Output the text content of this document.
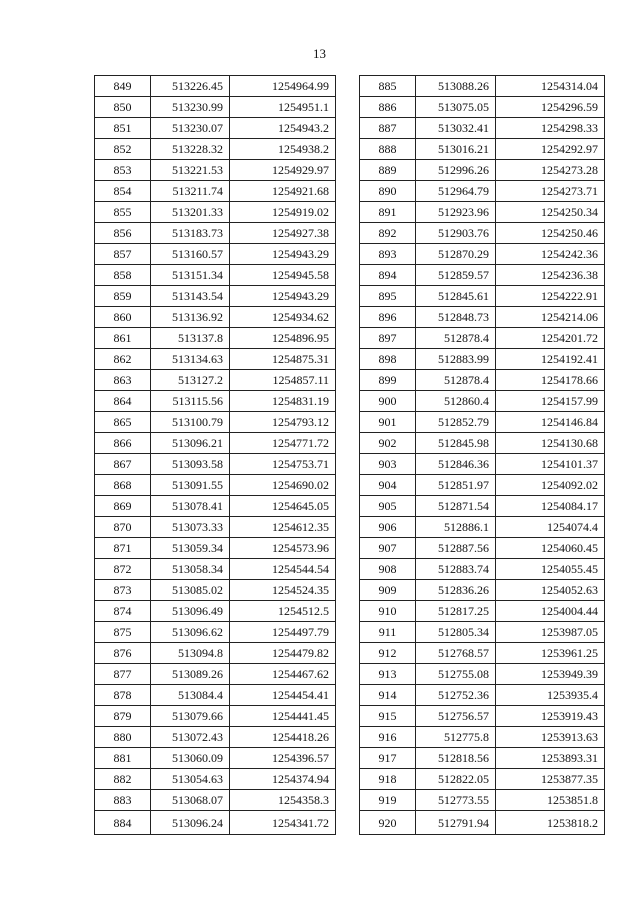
13
849	513226.45	1254964.99
850	513230.99	1254951.1
851	513230.07	1254943.2
852	513228.32	1254938.2
853	513221.53	1254929.97
854	513211.74	1254921.68
855	513201.33	1254919.02
856	513183.73	1254927.38
857	513160.57	1254943.29
858	513151.34	1254945.58
859	513143.54	1254943.29
860	513136.92	1254934.62
861	513137.8	1254896.95
862	513134.63	1254875.31
863	513127.2	1254857.11
864	513115.56	1254831.19
865	513100.79	1254793.12
866	513096.21	1254771.72
867	513093.58	1254753.71
868	513091.55	1254690.02
869	513078.41	1254645.05
870	513073.33	1254612.35
871	513059.34	1254573.96
872	513058.34	1254544.54
873	513085.02	1254524.35
874	513096.49	1254512.5
875	513096.62	1254497.79
876	513094.8	1254479.82
877	513089.26	1254467.62
878	513084.4	1254454.41
879	513079.66	1254441.45
880	513072.43	1254418.26
881	513060.09	1254396.57
882	513054.63	1254374.94
883	513068.07	1254358.3
884	513096.24	1254341.72
885	513088.26	1254314.04
886	513075.05	1254296.59
887	513032.41	1254298.33
888	513016.21	1254292.97
889	512996.26	1254273.28
890	512964.79	1254273.71
891	512923.96	1254250.34
892	512903.76	1254250.46
893	512870.29	1254242.36
894	512859.57	1254236.38
895	512845.61	1254222.91
896	512848.73	1254214.06
897	512878.4	1254201.72
898	512883.99	1254192.41
899	512878.4	1254178.66
900	512860.4	1254157.99
901	512852.79	1254146.84
902	512845.98	1254130.68
903	512846.36	1254101.37
904	512851.97	1254092.02
905	512871.54	1254084.17
906	512886.1	1254074.4
907	512887.56	1254060.45
908	512883.74	1254055.45
909	512836.26	1254052.63
910	512817.25	1254004.44
911	512805.34	1253987.05
912	512768.57	1253961.25
913	512755.08	1253949.39
914	512752.36	1253935.4
915	512756.57	1253919.43
916	512775.8	1253913.63
917	512818.56	1253893.31
918	512822.05	1253877.35
919	512773.55	1253851.8
920	512791.94	1253818.2
